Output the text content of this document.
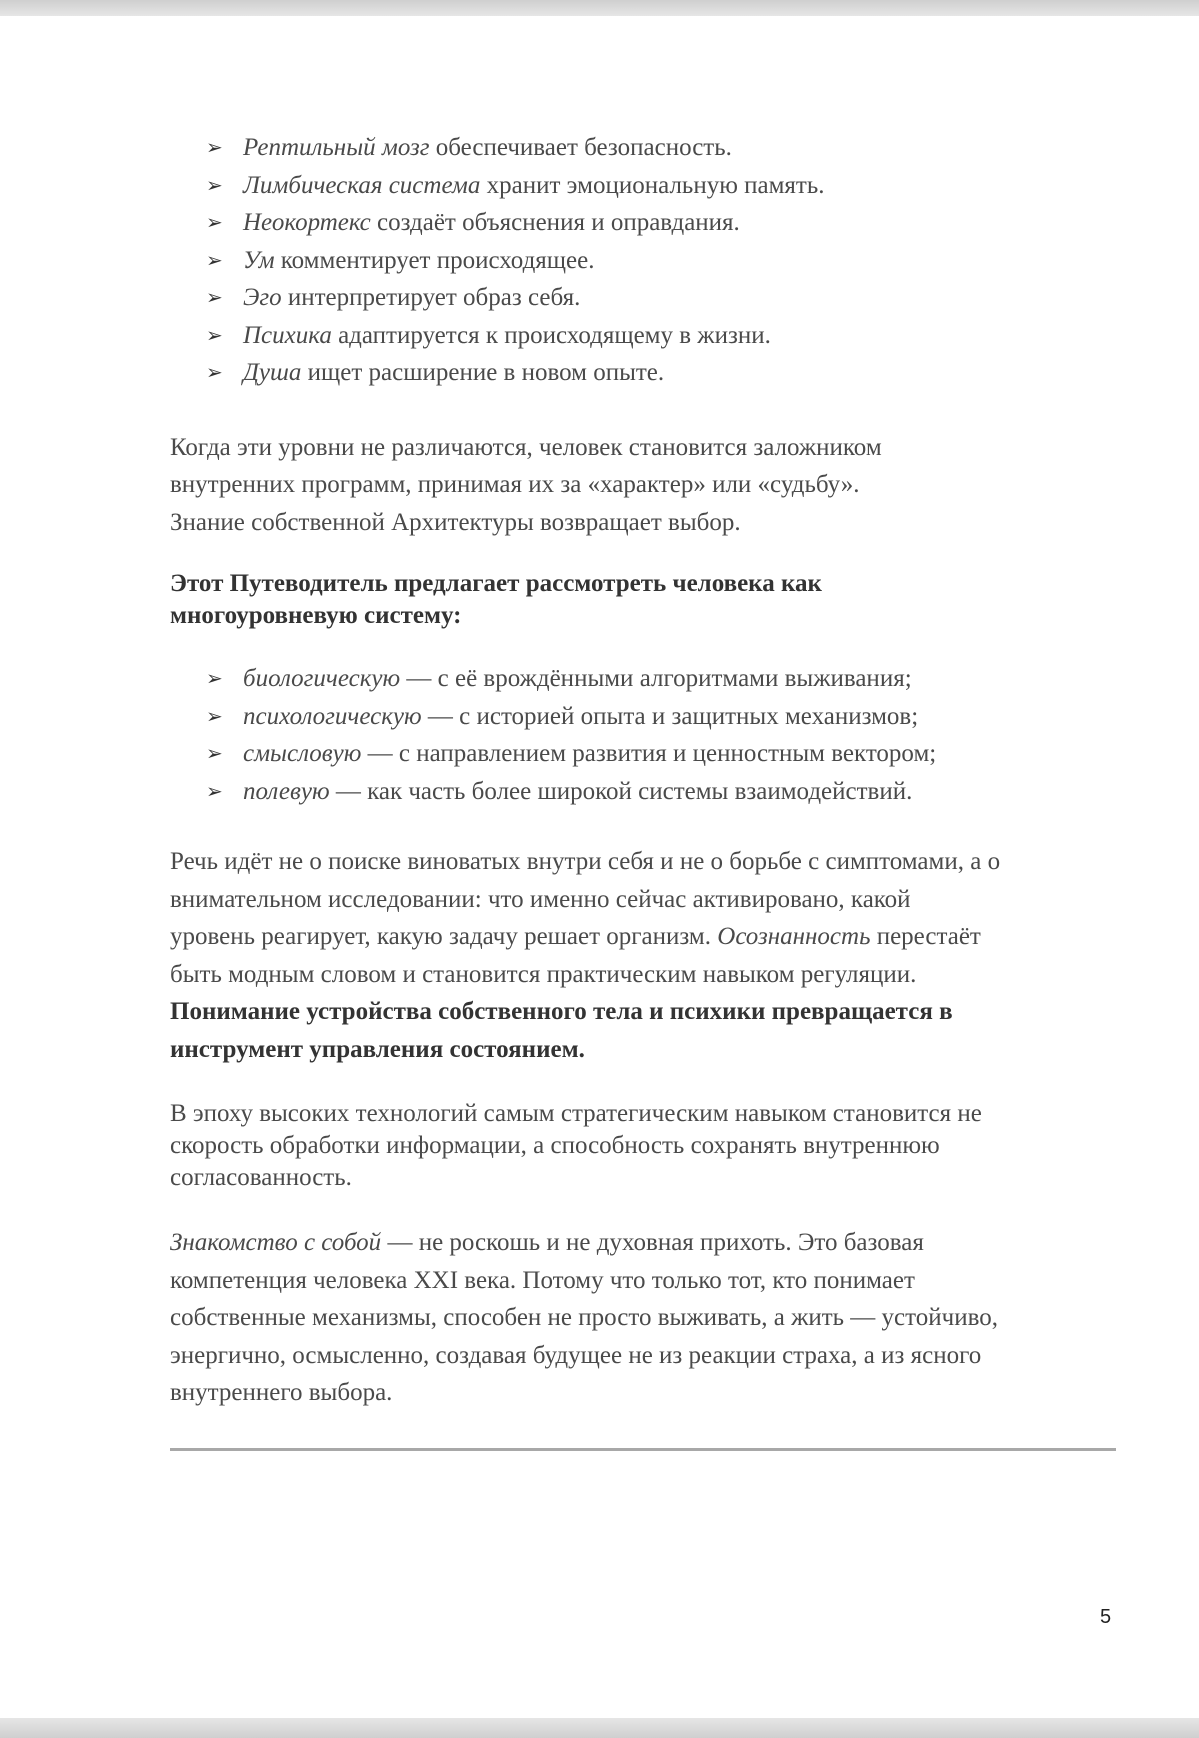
➢ Рептильный мозг обеспечивает безопасность.
➢ Лимбическая система хранит эмоциональную память.
➢ Неокортекс создаёт объяснения и оправдания.
➢ Ум комментирует происходящее.
➢ Эго интерпретирует образ себя.
➢ Психика адаптируется к происходящему в жизни.
➢ Душа ищет расширение в новом опыте.
Когда эти уровни не различаются, человек становится заложником
внутренних программ, принимая их за «характер» или «судьбу».
Знание собственной Архитектуры возвращает выбор.
Этот Путеводитель предлагает рассмотреть человека как
многоуровневую систему:
➢ биологическую — с её врождёнными алгоритмами выживания;
➢ психологическую — с историей опыта и защитных механизмов;
➢ смысловую — с направлением развития и ценностным вектором;
➢ полевую — как часть более широкой системы взаимодействий.
Речь идёт не о поиске виноватых внутри себя и не о борьбе с симптомами, а о
внимательном исследовании: что именно сейчас активировано, какой
уровень реагирует, какую задачу решает организм. Осознанность перестаёт
быть модным словом и становится практическим навыком регуляции.
Понимание устройства собственного тела и психики превращается в
инструмент управления состоянием.
В эпоху высоких технологий самым стратегическим навыком становится не
скорость обработки информации, а способность сохранять внутреннюю
согласованность.
Знакомство с собой — не роскошь и не духовная прихоть. Это базовая
компетенция человека XXI века. Потому что только тот, кто понимает
собственные механизмы, способен не просто выживать, а жить — устойчиво,
энергично, осмысленно, создавая будущее не из реакции страха, а из ясного
внутреннего выбора.
5
